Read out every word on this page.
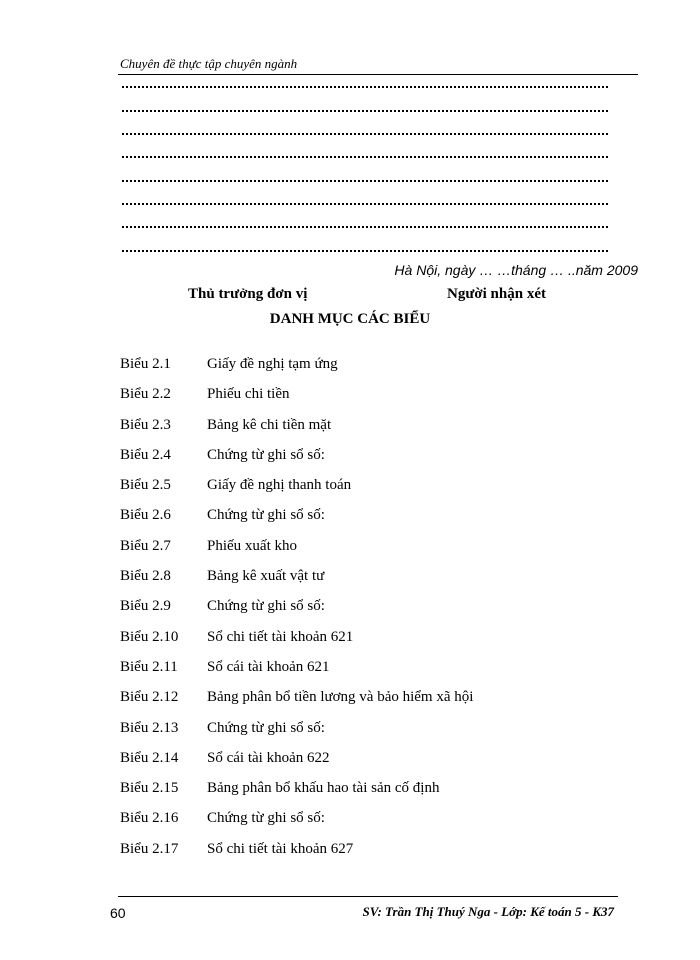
Chuyên đề thực tập chuyên ngành
Hà Nội, ngày … …tháng … ..năm 2009
Thủ trưởng đơn vị	Người nhận xét
DANH MỤC CÁC BIỂU
Biểu 2.1	Giấy đề nghị tạm ứng
Biểu 2.2	Phiếu chi tiền
Biểu 2.3	Bảng kê chi tiền mặt
Biểu 2.4	Chứng từ ghi sổ số:
Biểu 2.5	Giấy đề nghị thanh toán
Biểu 2.6	Chứng từ ghi sổ số:
Biểu 2.7	Phiếu xuất kho
Biểu 2.8	Bảng kê xuất vật tư
Biểu 2.9	Chứng từ ghi sổ số:
Biểu 2.10	Sổ chi tiết tài khoản 621
Biểu 2.11	Sổ cái tài khoản 621
Biểu 2.12	Bảng phân bổ tiền lương và bảo hiểm xã hội
Biểu 2.13	Chứng từ ghi sổ số:
Biểu 2.14	Sổ cái tài khoản 622
Biểu 2.15	Bảng phân bổ khấu hao tài sản cố định
Biểu 2.16	Chứng từ ghi sổ số:
Biểu 2.17	Sổ chi tiết tài khoản 627
60	SV: Trần Thị Thuý Nga - Lớp: Kế toán 5 - K37
